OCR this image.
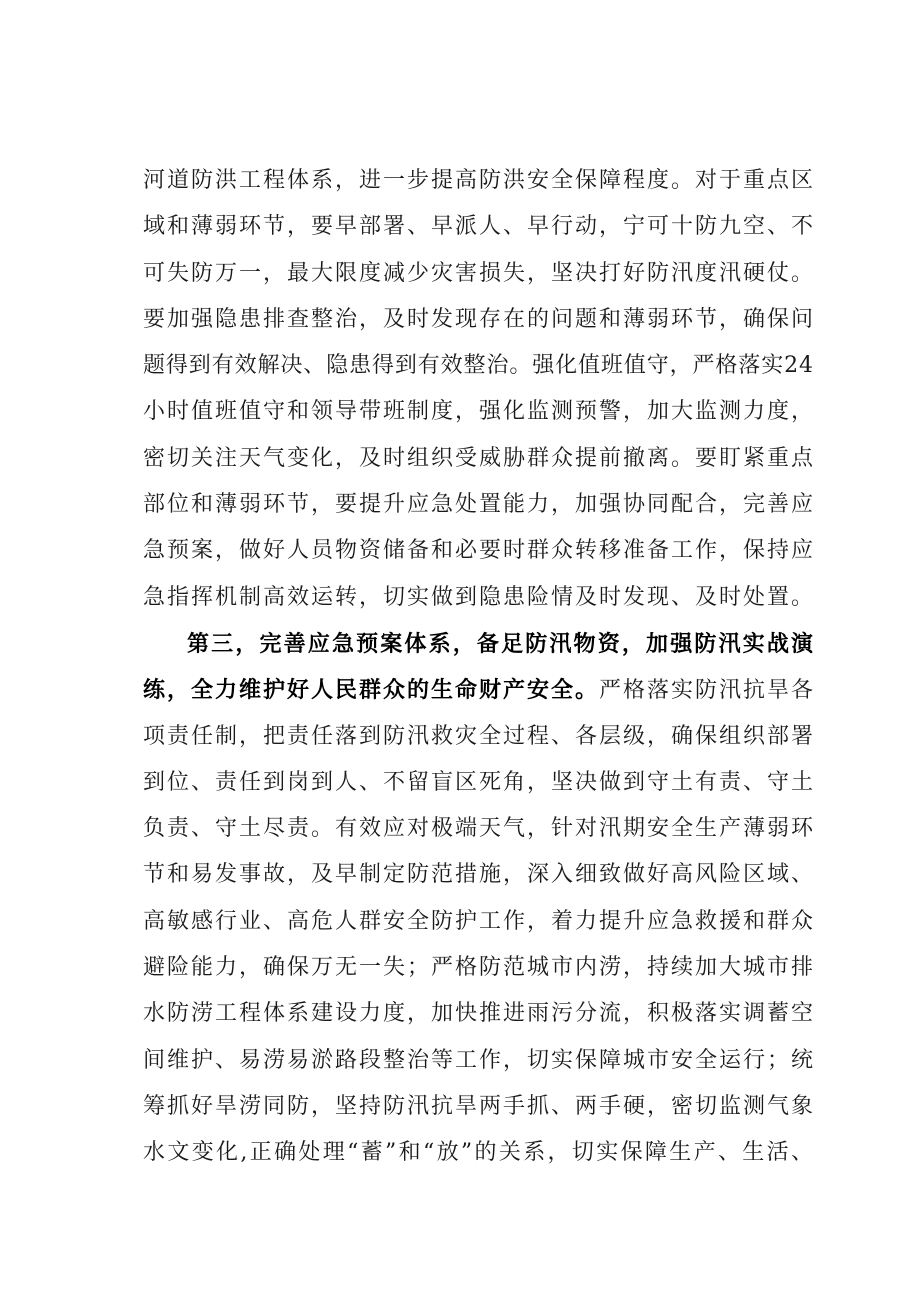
河道防洪工程体系，进一步提高防洪安全保障程度。对于重点区
域和薄弱环节，要早部署、早派人、早行动，宁可十防九空、不
可失防万一，最大限度减少灾害损失，坚决打好防汛度汛硬仗。
要加强隐患排查整治，及时发现存在的问题和薄弱环节，确保问
题得到有效解决、隐患得到有效整治。强化值班值守，严格落实24
小时值班值守和领导带班制度，强化监测预警，加大监测力度，
密切关注天气变化，及时组织受威胁群众提前撤离。要盯紧重点
部位和薄弱环节，要提升应急处置能力，加强协同配合，完善应
急预案，做好人员物资储备和必要时群众转移准备工作，保持应
急指挥机制高效运转，切实做到隐患险情及时发现、及时处置。
第三，完善应急预案体系，备足防汛物资，加强防汛实战演
练，全力维护好人民群众的生命财产安全。严格落实防汛抗旱各
项责任制，把责任落到防汛救灾全过程、各层级，确保组织部署
到位、责任到岗到人、不留盲区死角，坚决做到守土有责、守土
负责、守土尽责。有效应对极端天气，针对汛期安全生产薄弱环
节和易发事故，及早制定防范措施，深入细致做好高风险区域、
高敏感行业、高危人群安全防护工作，着力提升应急救援和群众
避险能力，确保万无一失；严格防范城市内涝，持续加大城市排
水防涝工程体系建设力度，加快推进雨污分流，积极落实调蓄空
间维护、易涝易淤路段整治等工作，切实保障城市安全运行；统
筹抓好旱涝同防，坚持防汛抗旱两手抓、两手硬，密切监测气象
水文变化,正确处理“蓄”和“放”的关系，切实保障生产、生活、
